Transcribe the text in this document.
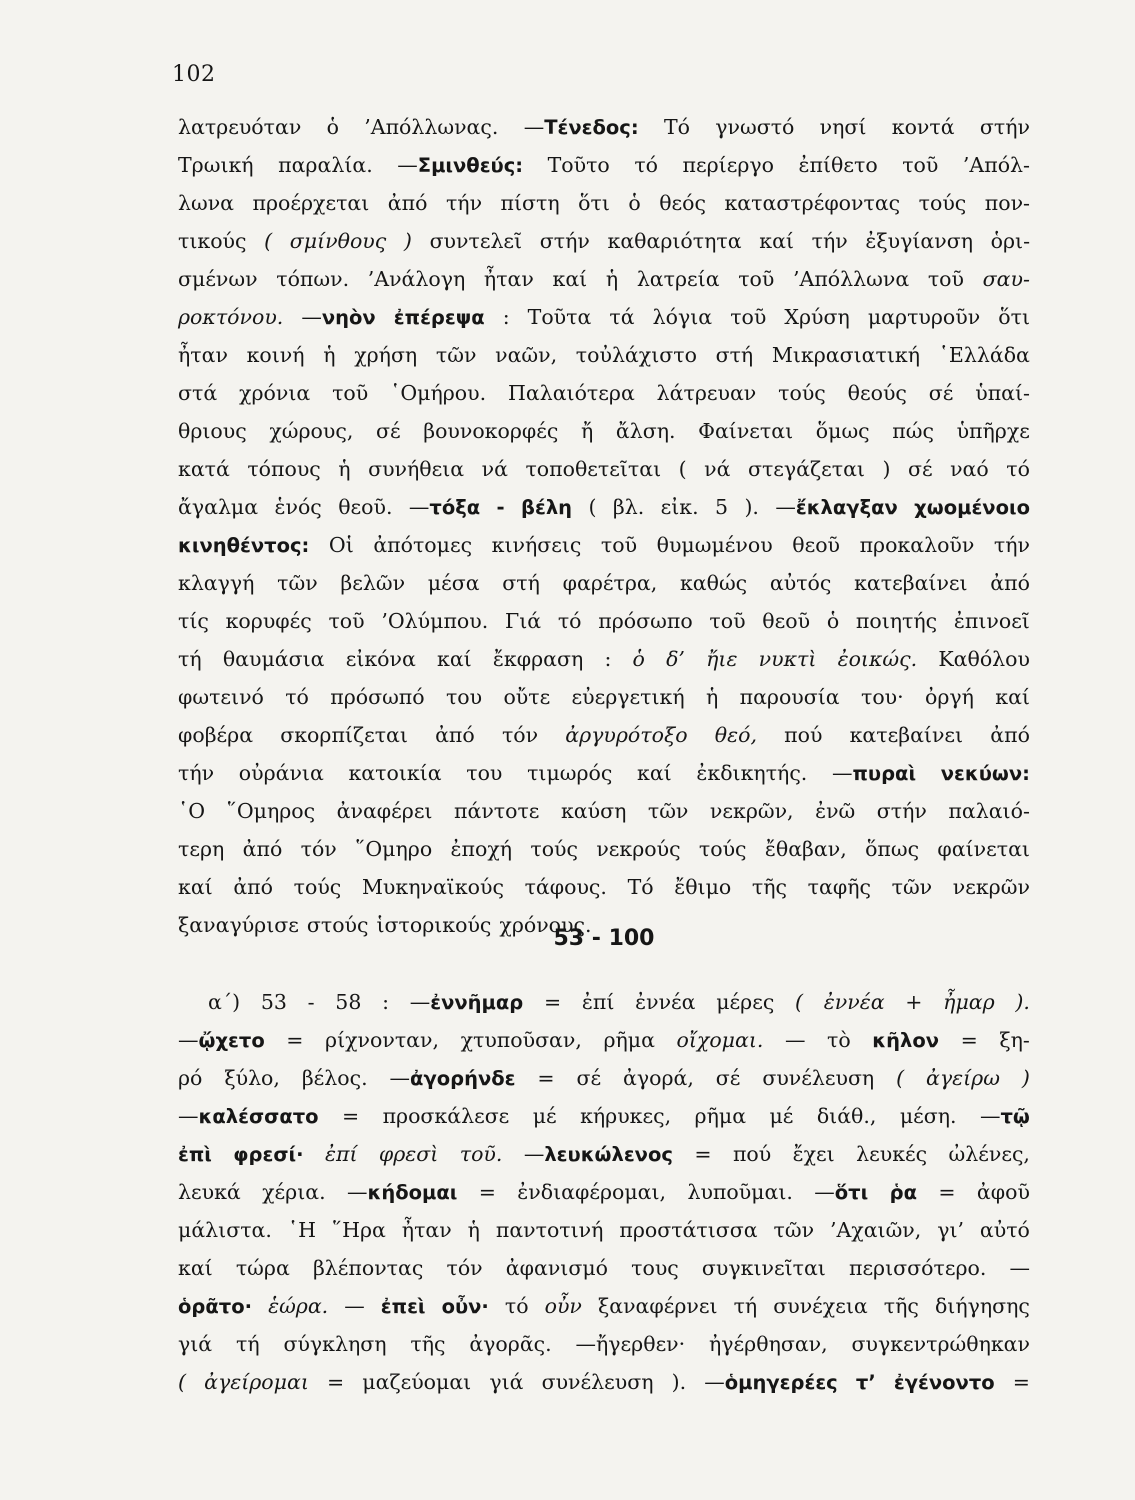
102
λατρευόταν ὁ ’Απόλλωνας. —Τένεδος: Τό γνωστό νησί κοντά στήν
Τρωική παραλία. —Σμινθεύς: Τοῦτο τό περίεργο ἐπίθετο τοῦ ’Απόλ-
λωνα προέρχεται ἀπό τήν πίστη ὅτι ὁ θεός καταστρέφοντας τούς πον-
τικούς ( σμίνθους ) συντελεῖ στήν καθαριότητα καί τήν ἐξυγίανση ὁρι-
σμένων τόπων. ’Ανάλογη ἦταν καί ἡ λατρεία τοῦ ’Απόλλωνα τοῦ σαυ-
ροκτόνου. —νηὸν ἐπέρεψα : Τοῦτα τά λόγια τοῦ Χρύση μαρτυροῦν ὅτι
ἦταν κοινή ἡ χρήση τῶν ναῶν, τοὐλάχιστο στή Μικρασιατική ῾Ελλάδα
στά χρόνια τοῦ ῾Ομήρου. Παλαιότερα λάτρευαν τούς θεούς σέ ὑπαί-
θριους χώρους, σέ βουνοκορφές ἤ ἄλση. Φαίνεται ὅμως πώς ὑπῆρχε
κατά τόπους ἡ συνήθεια νά τοποθετεῖται ( νά στεγάζεται ) σέ ναό τό
ἄγαλμα ἑνός θεοῦ. —τόξα - βέλη ( βλ. εἰκ. 5 ). —ἔκλαγξαν χωομένοιο
κινηθέντος: Οἱ ἀπότομες κινήσεις τοῦ θυμωμένου θεοῦ προκαλοῦν τήν
κλαγγή τῶν βελῶν μέσα στή φαρέτρα, καθώς αὐτός κατεβαίνει ἀπό
τίς κορυφές τοῦ ’Ολύμπου. Γιά τό πρόσωπο τοῦ θεοῦ ὁ ποιητής ἐπινοεῖ
τή θαυμάσια εἰκόνα καί ἔκφραση : ὁ δ’ ἤιε νυκτὶ ἐοικώς. Καθόλου
φωτεινό τό πρόσωπό του οὔτε εὐεργετική ἡ παρουσία του· ὀργή καί
φοβέρα σκορπίζεται ἀπό τόν ἀργυρότοξο θεό, πού κατεβαίνει ἀπό
τήν οὐράνια κατοικία του τιμωρός καί ἐκδικητής. —πυραὶ νεκύων:
῾Ο ῞Ομηρος ἀναφέρει πάντοτε καύση τῶν νεκρῶν, ἐνῶ στήν παλαιό-
τερη ἀπό τόν ῞Ομηρο ἐποχή τούς νεκρούς τούς ἔθαβαν, ὅπως φαίνεται
καί ἀπό τούς Μυκηναϊκούς τάφους. Τό ἔθιμο τῆς ταφῆς τῶν νεκρῶν
ξαναγύρισε στούς ἱστορικούς χρόνους.
53 - 100
α΄) 53 - 58 : —ἐννῆμαρ = ἐπί ἐννέα μέρες ( ἐννέα + ἦμαρ ).
—ᾤχετο = ρίχνονταν, χτυποῦσαν, ρῆμα οἴχομαι. — τὸ κῆλον = ξη-
ρό ξύλο, βέλος. —ἀγορήνδε = σέ ἀγορά, σέ συνέλευση ( ἀγείρω )
—καλέσσατο = προσκάλεσε μέ κήρυκες, ρῆμα μέ διάθ., μέση. —τῷ
ἐπὶ φρεσί· ἐπί φρεσὶ τοῦ. —λευκώλενος = πού ἔχει λευκές ὠλένες,
λευκά χέρια. —κήδομαι = ἐνδιαφέρομαι, λυποῦμαι. —ὅτι ῥα = ἀφοῦ
μάλιστα. ῾Η ῞Ηρα ἦταν ἡ παντοτινή προστάτισσα τῶν ’Αχαιῶν, γι’ αὐτό
καί τώρα βλέποντας τόν ἀφανισμό τους συγκινεῖται περισσότερο. —
ὁρᾶτο· ἑώρα. — ἐπεὶ οὖν· τό οὖν ξαναφέρνει τή συνέχεια τῆς διήγησης
γιά τή σύγκληση τῆς ἀγορᾶς. —ἤγερθεν· ἠγέρθησαν, συγκεντρώθηκαν
( ἀγείρομαι = μαζεύομαι γιά συνέλευση ). —ὁμηγερέες τ’ ἐγένοντο =
